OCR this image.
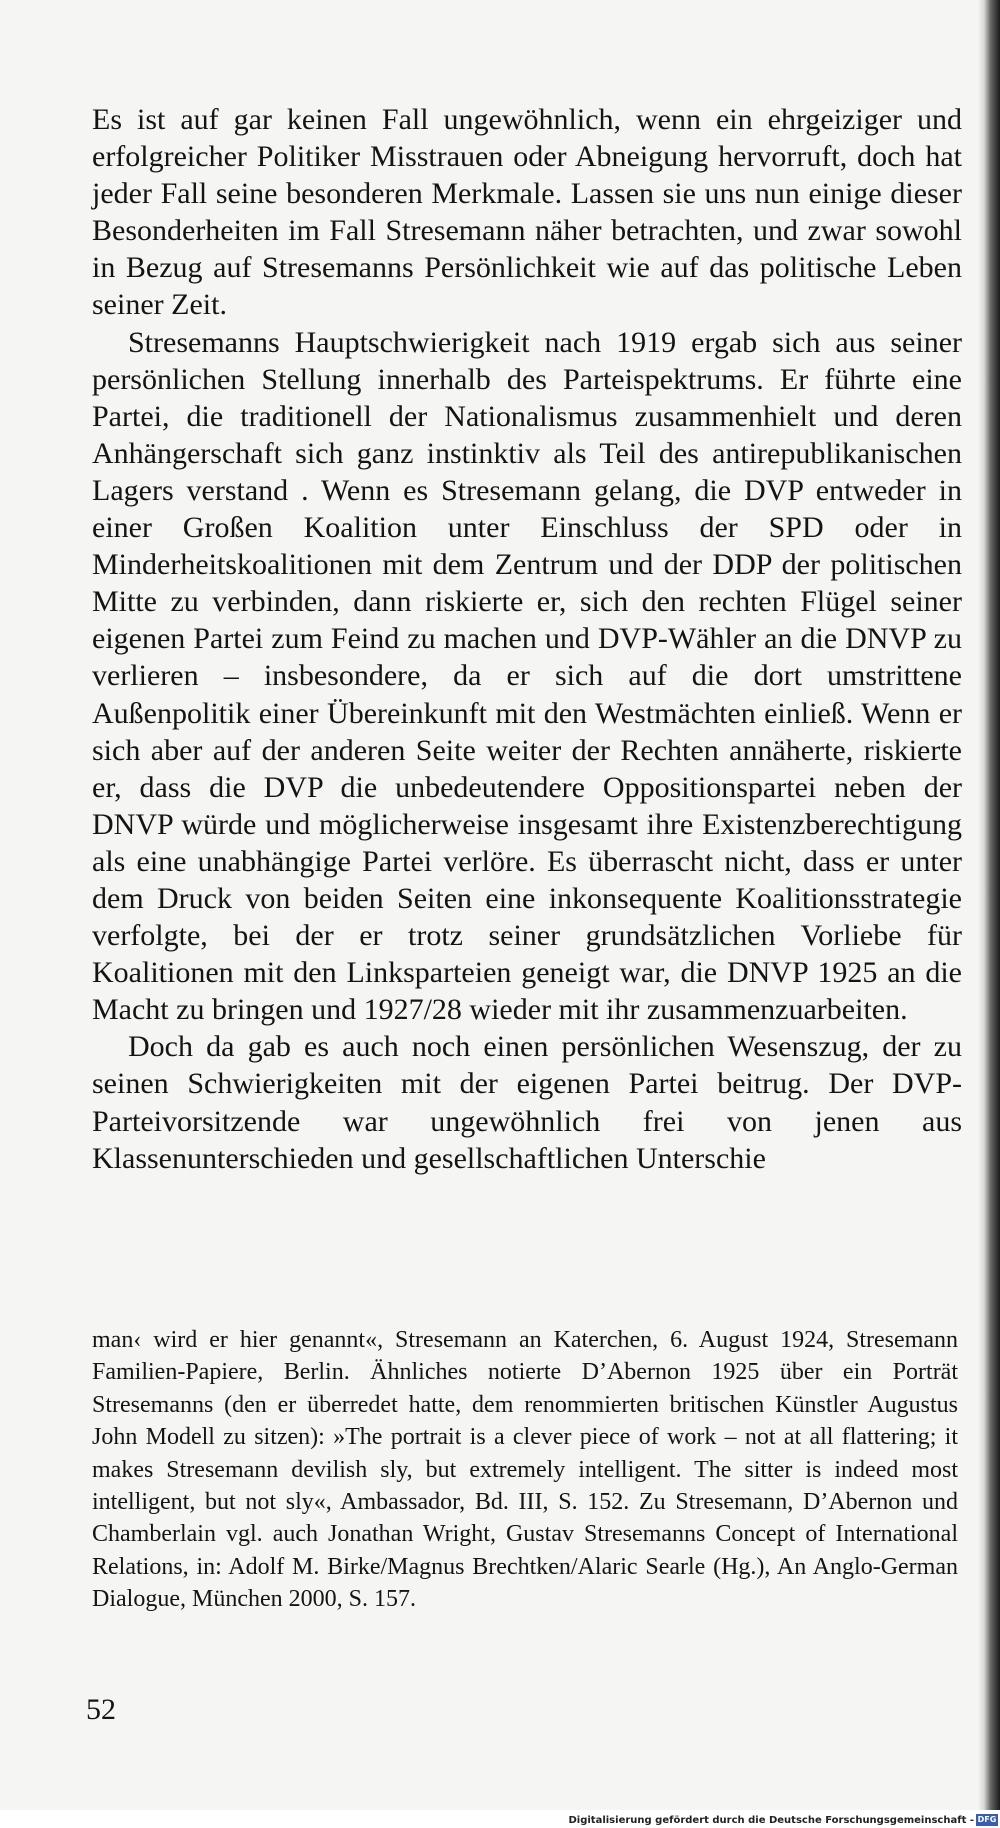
Es ist auf gar keinen Fall ungewöhnlich, wenn ein ehrgeiziger und erfolgreicher Politiker Misstrauen oder Abneigung hervorruft, doch hat jeder Fall seine besonderen Merkmale. Lassen sie uns nun einige dieser Besonderheiten im Fall Stresemann näher betrachten, und zwar sowohl in Bezug auf Stresemanns Persönlichkeit wie auf das politische Leben seiner Zeit.

Stresemanns Hauptschwierigkeit nach 1919 ergab sich aus seiner persönlichen Stellung innerhalb des Parteispektrums. Er führte eine Partei, die traditionell der Nationalismus zusammenhielt und deren Anhängerschaft sich ganz instinktiv als Teil des antirepublikanischen Lagers verstand . Wenn es Stresemann gelang, die DVP entweder in einer Großen Koalition unter Einschluss der SPD oder in Minderheitskoalitionen mit dem Zentrum und der DDP der politischen Mitte zu verbinden, dann riskierte er, sich den rechten Flügel seiner eigenen Partei zum Feind zu machen und DVP-Wähler an die DNVP zu verlieren – insbesondere, da er sich auf die dort umstrittene Außenpolitik einer Übereinkunft mit den Westmächten einließ. Wenn er sich aber auf der anderen Seite weiter der Rechten annäherte, riskierte er, dass die DVP die unbedeutendere Oppositionspartei neben der DNVP würde und möglicherweise insgesamt ihre Existenzberechtigung als eine unabhängige Partei verlöre. Es überrascht nicht, dass er unter dem Druck von beiden Seiten eine inkonsequente Koalitionsstrategie verfolgte, bei der er trotz seiner grundsätzlichen Vorliebe für Koalitionen mit den Linksparteien geneigt war, die DNVP 1925 an die Macht zu bringen und 1927/28 wieder mit ihr zusammenzuarbeiten.

Doch da gab es auch noch einen persönlichen Wesenszug, der zu seinen Schwierigkeiten mit der eigenen Partei beitrug. Der DVP-Parteivorsitzende war ungewöhnlich frei von jenen aus Klassenunterschieden und gesellschaftlichen Unterschie

man‹ wird er hier genannt«, Stresemann an Katerchen, 6. August 1924, Stresemann Familien-Papiere, Berlin. Ähnliches notierte D’Abernon 1925 über ein Porträt Stresemanns (den er überredet hatte, dem renommierten britischen Künstler Augustus John Modell zu sitzen): »The portrait is a clever piece of work – not at all flattering; it makes Stresemann devilish sly, but extremely intelligent. The sitter is indeed most intelligent, but not sly«, Ambassador, Bd. III, S. 152. Zu Stresemann, D’Abernon und Chamberlain vgl. auch Jonathan Wright, Gustav Stresemanns Concept of International Relations, in: Adolf M. Birke/Magnus Brechtken/Alaric Searle (Hg.), An Anglo-German Dialogue, München 2000, S. 157.

52

Digitalisierung gefördert durch die Deutsche Forschungsgemeinschaft - DFG
